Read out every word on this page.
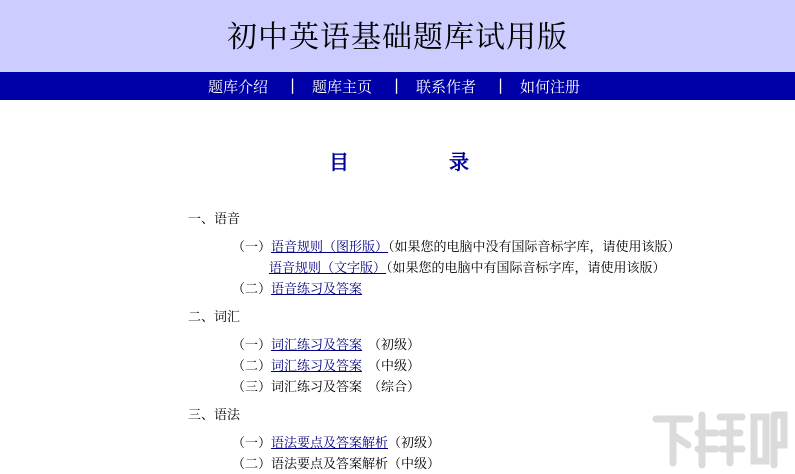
初中英语基础题库试用版
题库介绍 | 题库主页 | 联系作者 | 如何注册
目	录
一、语音
（一）语音规则（图形版）（如果您的电脑中没有国际音标字库，请使用该版）
语音规则（文字版）（如果您的电脑中有国际音标字库，请使用该版）
（二）语音练习及答案
二、词汇
（一）词汇练习及答案 （初级）
（二）词汇练习及答案 （中级）
（三）词汇练习及答案 （综合）
三、语法
（一）语法要点及答案解析（初级）
（二）语法要点及答案解析（中级）
